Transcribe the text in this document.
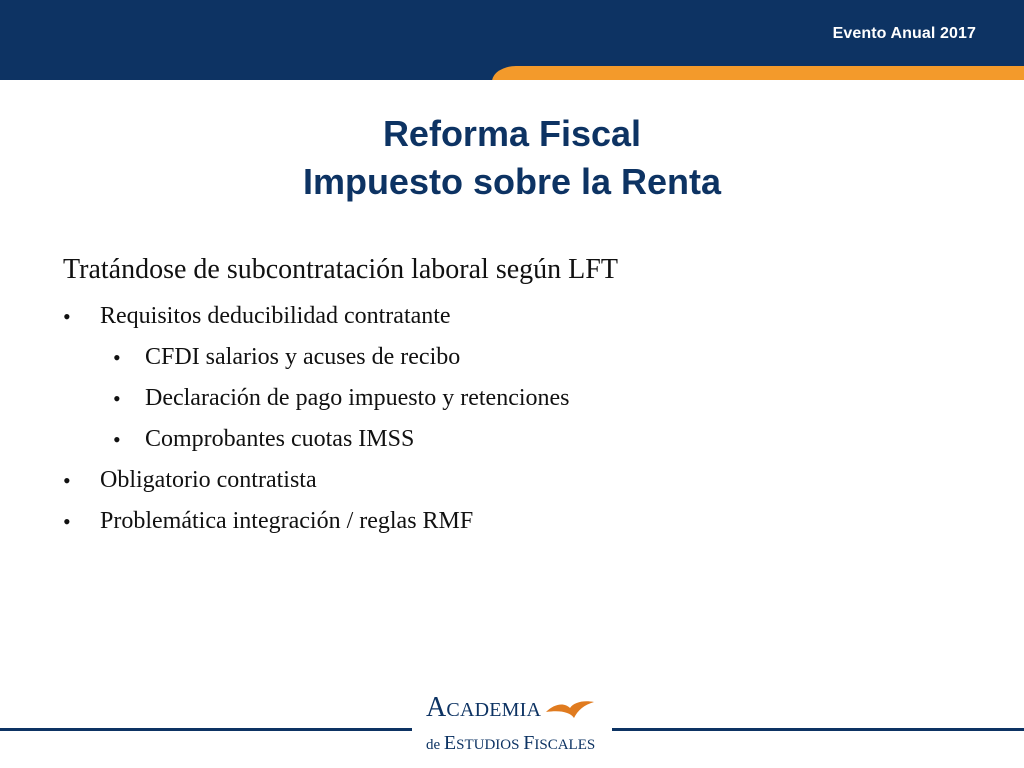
Evento Anual 2017
Reforma Fiscal
Impuesto sobre la Renta
Tratándose de subcontratación laboral según LFT
• Requisitos deducibilidad contratante
• CFDI salarios y acuses de recibo
• Declaración de pago impuesto y retenciones
• Comprobantes cuotas IMSS
• Obligatorio contratista
• Problemática integración / reglas RMF
ACADEMIA
de ESTUDIOS FISCALES
